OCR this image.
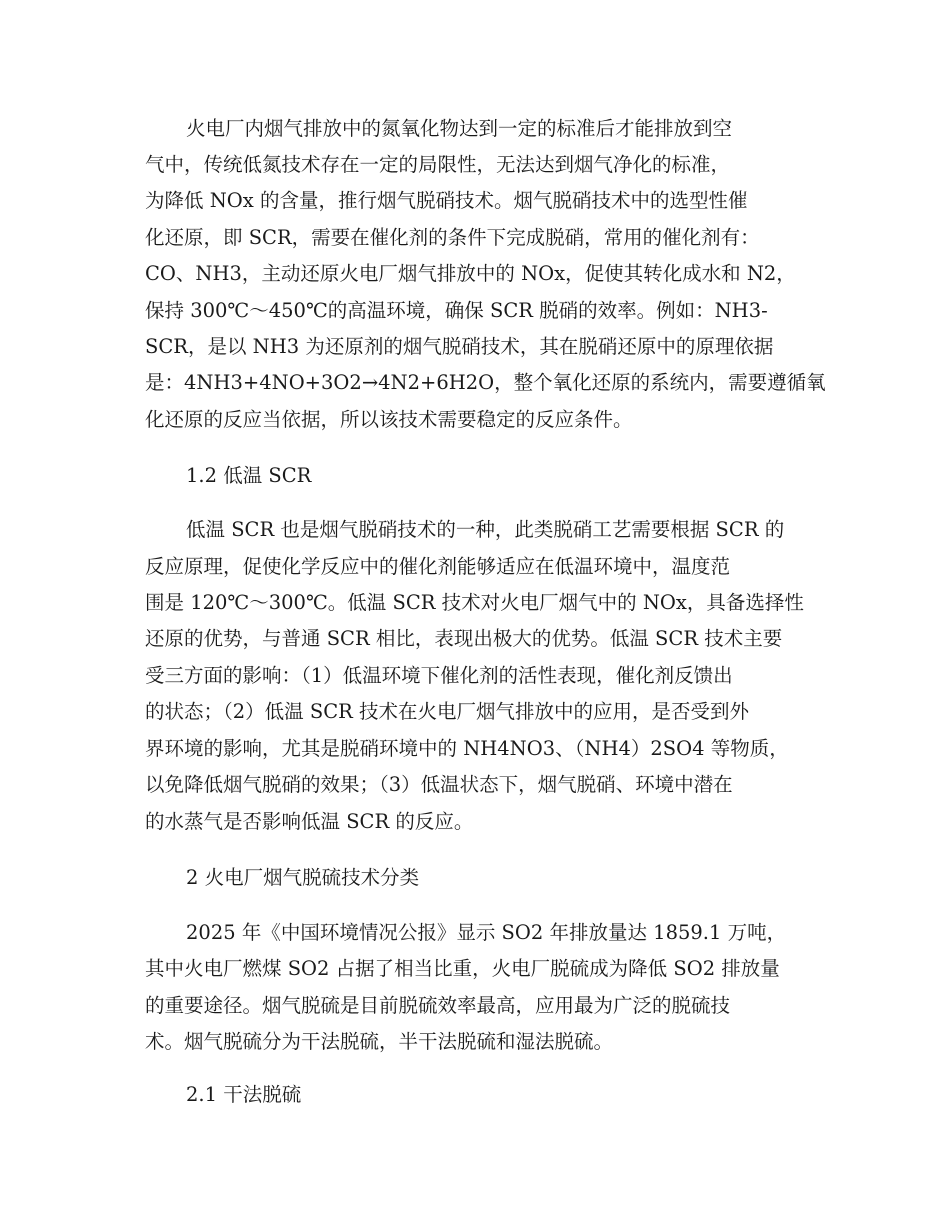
火电厂内烟气排放中的氮氧化物达到一定的标准后才能排放到空
气中，传统低氮技术存在一定的局限性，无法达到烟气净化的标准，
为降低 NOx 的含量，推行烟气脱硝技术。烟气脱硝技术中的选型性催
化还原，即 SCR，需要在催化剂的条件下完成脱硝，常用的催化剂有：
CO、NH3，主动还原火电厂烟气排放中的 NOx，促使其转化成水和 N2，
保持 300℃～450℃的高温环境，确保 SCR 脱硝的效率。例如：NH3-
SCR，是以 NH3 为还原剂的烟气脱硝技术，其在脱硝还原中的原理依据
是：4NH3+4NO+3O2→4N2+6H2O，整个氧化还原的系统内，需要遵循氧
化还原的反应当依据，所以该技术需要稳定的反应条件。
1.2 低温 SCR
低温 SCR 也是烟气脱硝技术的一种，此类脱硝工艺需要根据 SCR 的
反应原理，促使化学反应中的催化剂能够适应在低温环境中，温度范
围是 120℃～300℃。低温 SCR 技术对火电厂烟气中的 NOx，具备选择性
还原的优势，与普通 SCR 相比，表现出极大的优势。低温 SCR 技术主要
受三方面的影响：（1）低温环境下催化剂的活性表现，催化剂反馈出
的状态；（2）低温 SCR 技术在火电厂烟气排放中的应用，是否受到外
界环境的影响，尤其是脱硝环境中的 NH4NO3、（NH4）2SO4 等物质，
以免降低烟气脱硝的效果；（3）低温状态下，烟气脱硝、环境中潜在
的水蒸气是否影响低温 SCR 的反应。
2 火电厂烟气脱硫技术分类
2025 年《中国环境情况公报》显示 SO2 年排放量达 1859.1 万吨，
其中火电厂燃煤 SO2 占据了相当比重，火电厂脱硫成为降低 SO2 排放量
的重要途径。烟气脱硫是目前脱硫效率最高，应用最为广泛的脱硫技
术。烟气脱硫分为干法脱硫，半干法脱硫和湿法脱硫。
2.1 干法脱硫
